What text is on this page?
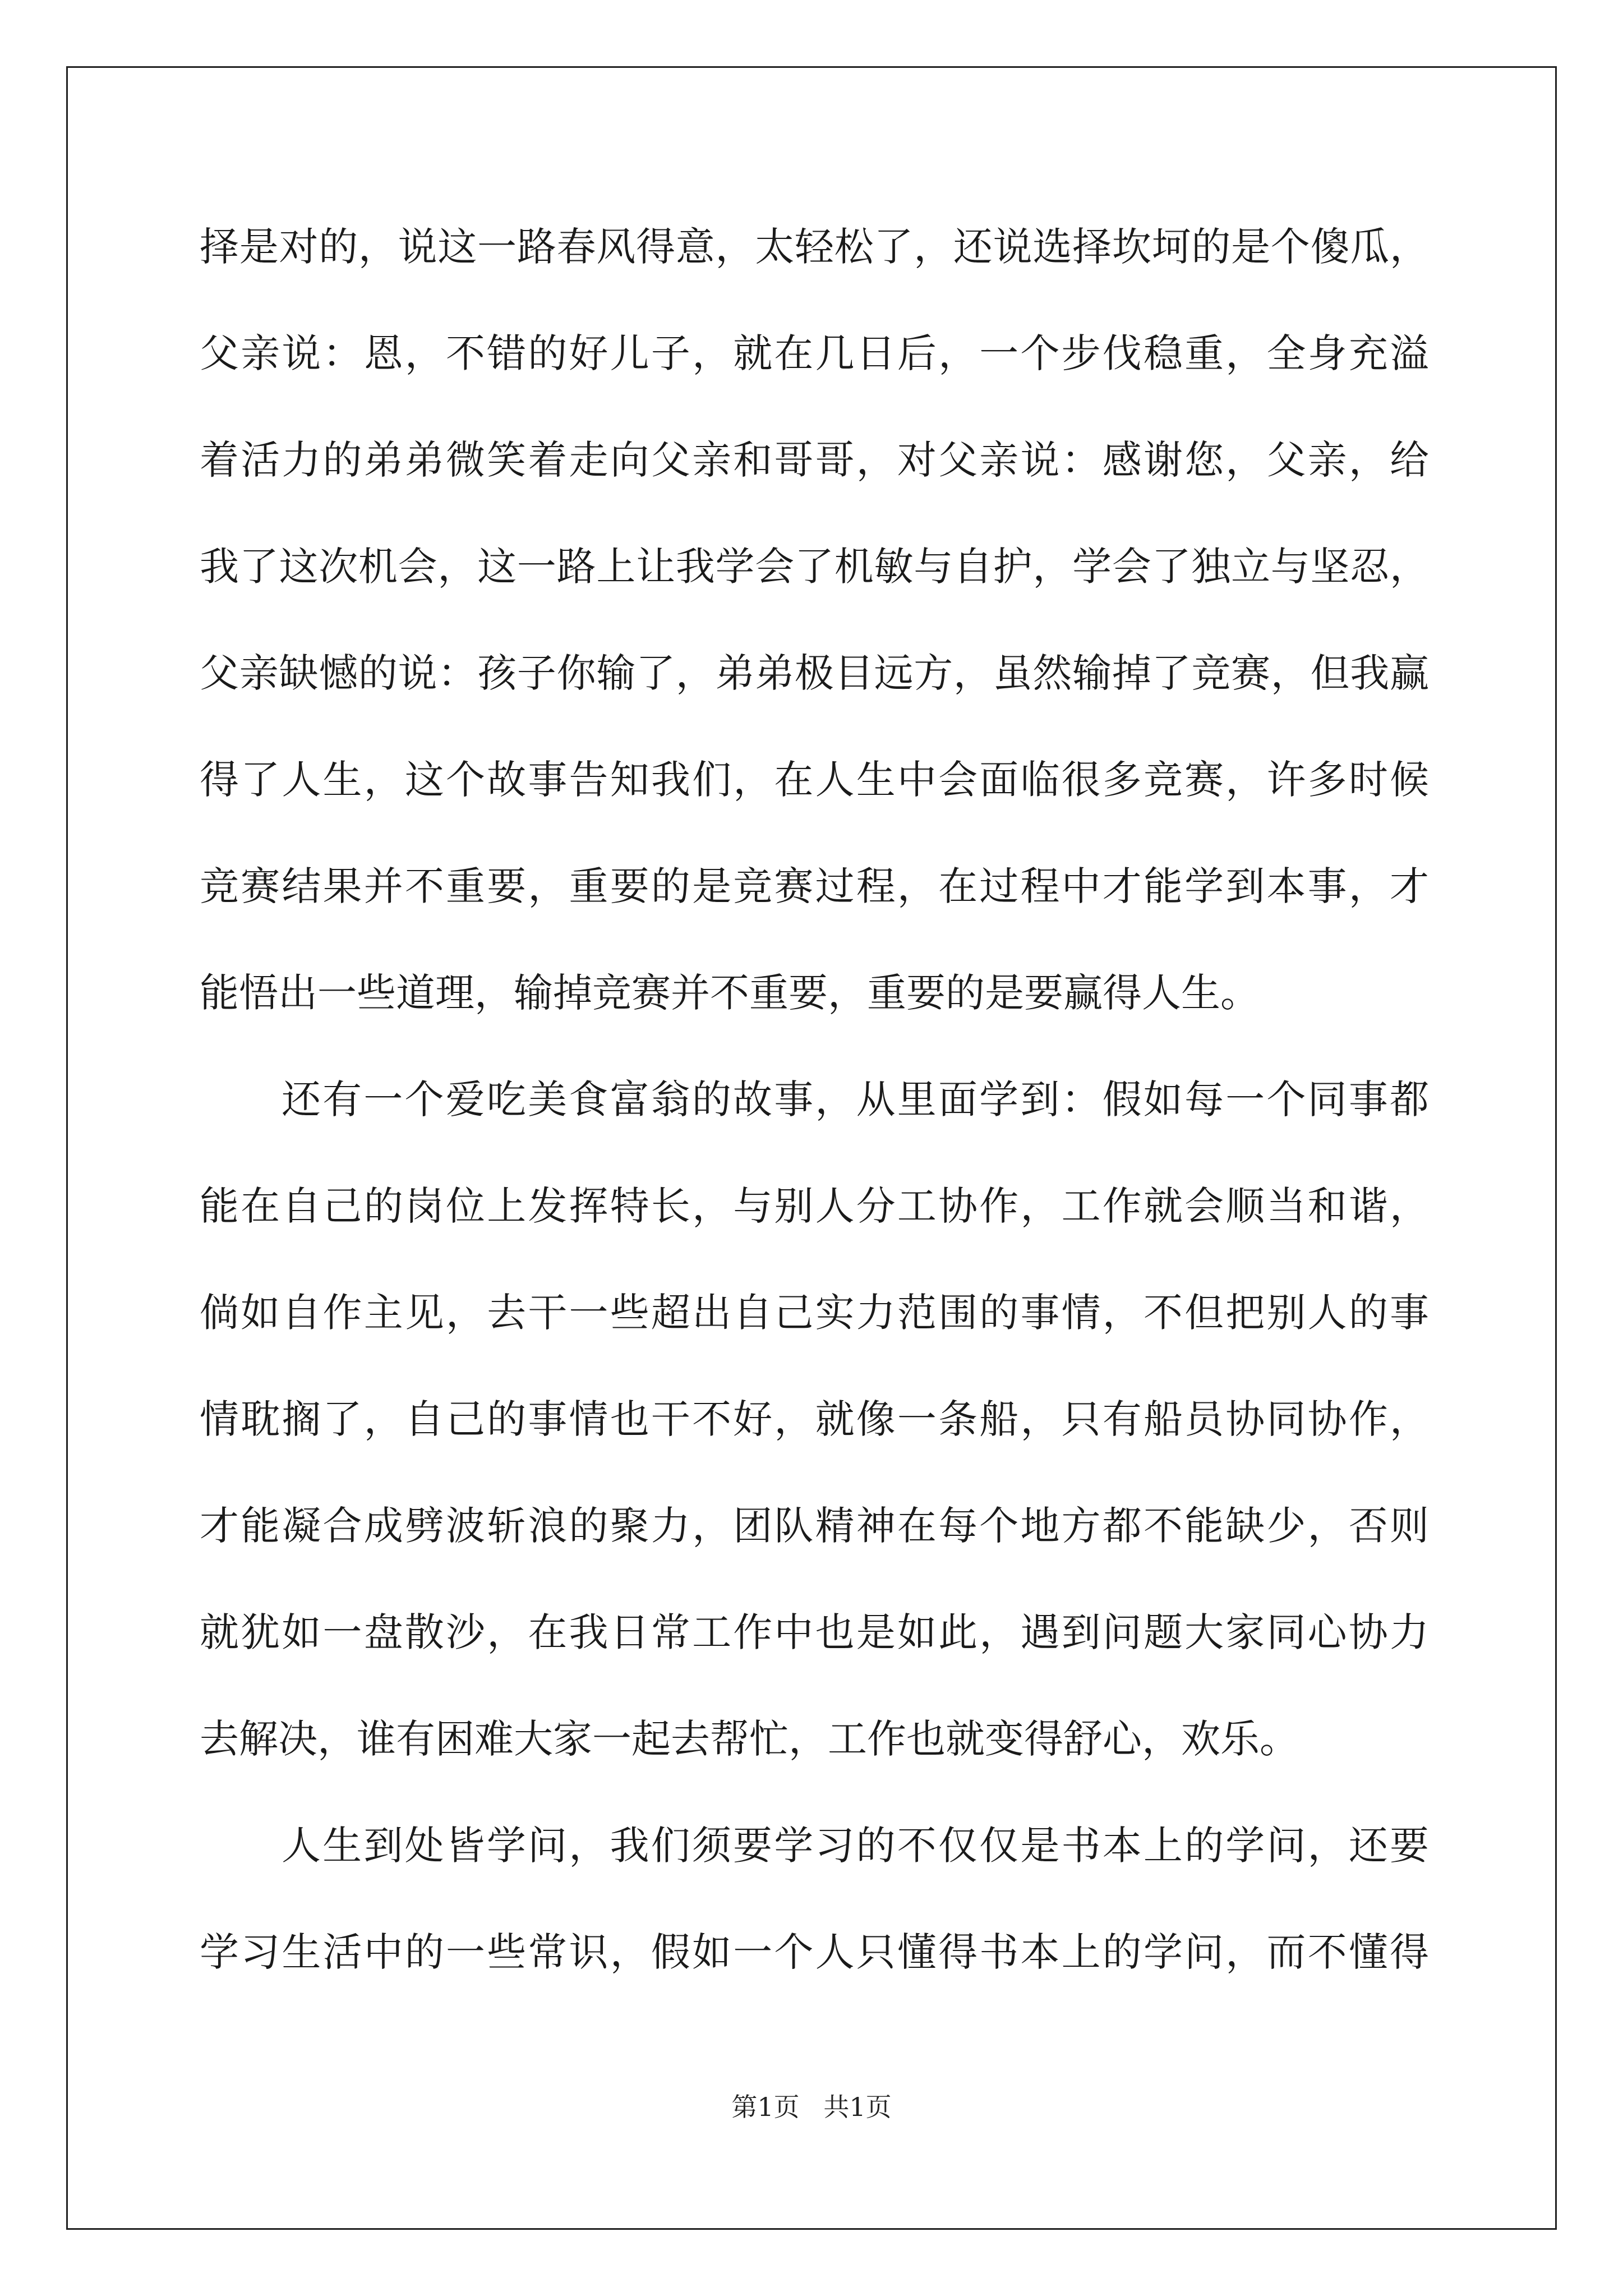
择是对的，说这一路春风得意，太轻松了，还说选择坎坷的是个傻瓜，
父亲说：恩，不错的好儿子，就在几日后，一个步伐稳重，全身充溢
着活力的弟弟微笑着走向父亲和哥哥，对父亲说：感谢您，父亲，给
我了这次机会，这一路上让我学会了机敏与自护，学会了独立与坚忍，
父亲缺憾的说：孩子你输了，弟弟极目远方，虽然输掉了竞赛，但我赢
得了人生，这个故事告知我们，在人生中会面临很多竞赛，许多时候
竞赛结果并不重要，重要的是竞赛过程，在过程中才能学到本事，才
能悟出一些道理，输掉竞赛并不重要，重要的是要赢得人生。
还有一个爱吃美食富翁的故事，从里面学到：假如每一个同事都
能在自己的岗位上发挥特长，与别人分工协作，工作就会顺当和谐，
倘如自作主见，去干一些超出自己实力范围的事情，不但把别人的事
情耽搁了，自己的事情也干不好，就像一条船，只有船员协同协作，
才能凝合成劈波斩浪的聚力，团队精神在每个地方都不能缺少，否则
就犹如一盘散沙，在我日常工作中也是如此，遇到问题大家同心协力
去解决，谁有困难大家一起去帮忙，工作也就变得舒心，欢乐。
人生到处皆学问，我们须要学习的不仅仅是书本上的学问，还要
学习生活中的一些常识，假如一个人只懂得书本上的学问，而不懂得
第1页 共1页
